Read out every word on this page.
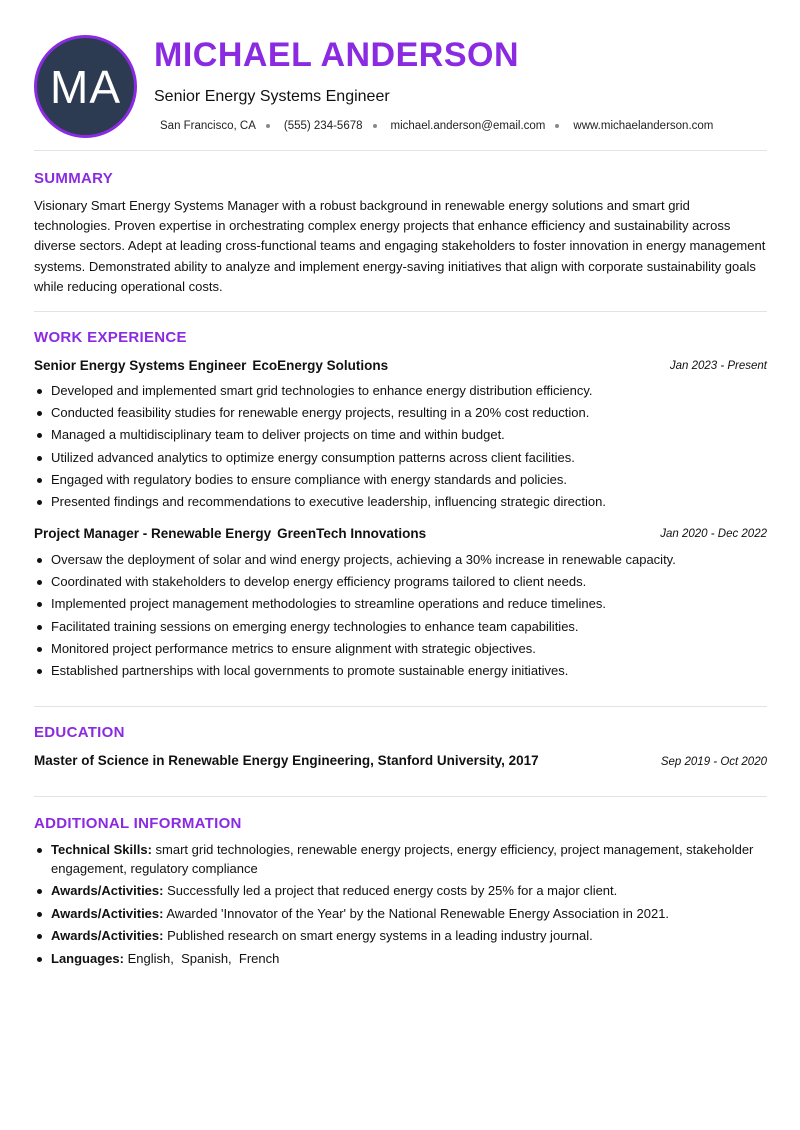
MA
MICHAEL ANDERSON
Senior Energy Systems Engineer
San Francisco, CA (555) 234-5678 michael.anderson@email.com www.michaelanderson.com
SUMMARY
Visionary Smart Energy Systems Manager with a robust background in renewable energy solutions and smart grid technologies. Proven expertise in orchestrating complex energy projects that enhance efficiency and sustainability across diverse sectors. Adept at leading cross-functional teams and engaging stakeholders to foster innovation in energy management systems. Demonstrated ability to analyze and implement energy-saving initiatives that align with corporate sustainability goals while reducing operational costs.
WORK EXPERIENCE
Senior Energy Systems Engineer EcoEnergy Solutions	Jan 2023 - Present
Developed and implemented smart grid technologies to enhance energy distribution efficiency.
Conducted feasibility studies for renewable energy projects, resulting in a 20% cost reduction.
Managed a multidisciplinary team to deliver projects on time and within budget.
Utilized advanced analytics to optimize energy consumption patterns across client facilities.
Engaged with regulatory bodies to ensure compliance with energy standards and policies.
Presented findings and recommendations to executive leadership, influencing strategic direction.
Project Manager - Renewable Energy GreenTech Innovations	Jan 2020 - Dec 2022
Oversaw the deployment of solar and wind energy projects, achieving a 30% increase in renewable capacity.
Coordinated with stakeholders to develop energy efficiency programs tailored to client needs.
Implemented project management methodologies to streamline operations and reduce timelines.
Facilitated training sessions on emerging energy technologies to enhance team capabilities.
Monitored project performance metrics to ensure alignment with strategic objectives.
Established partnerships with local governments to promote sustainable energy initiatives.
EDUCATION
Master of Science in Renewable Energy Engineering, Stanford University, 2017	Sep 2019 - Oct 2020
ADDITIONAL INFORMATION
Technical Skills: smart grid technologies, renewable energy projects, energy efficiency, project management, stakeholder engagement, regulatory compliance
Awards/Activities: Successfully led a project that reduced energy costs by 25% for a major client.
Awards/Activities: Awarded 'Innovator of the Year' by the National Renewable Energy Association in 2021.
Awards/Activities: Published research on smart energy systems in a leading industry journal.
Languages: English,  Spanish,  French
